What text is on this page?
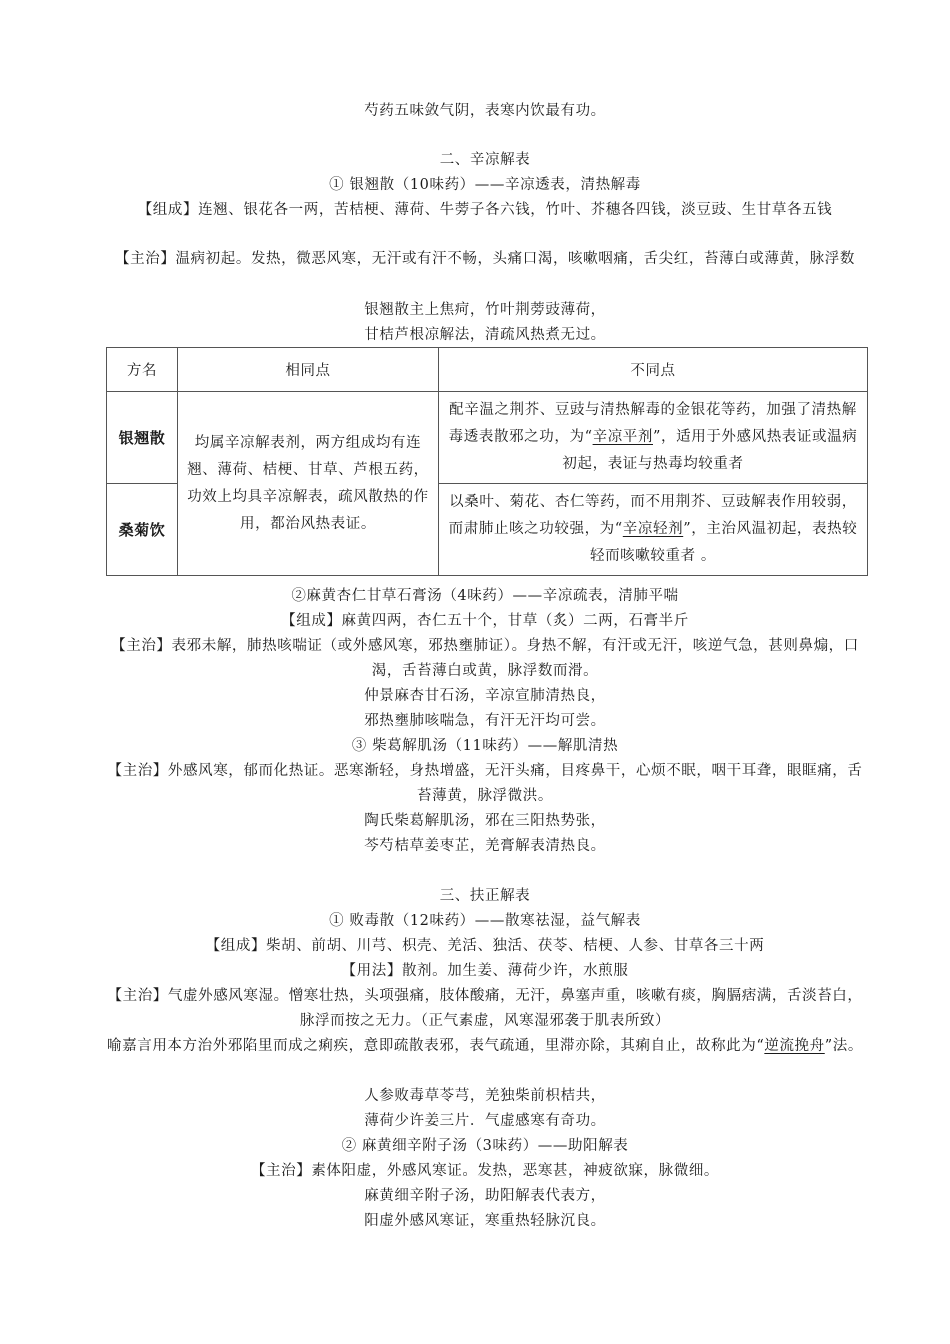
芍药五味敛气阴，表寒内饮最有功。
二、辛凉解表
① 银翘散（10味药）——辛凉透表，清热解毒
【组成】连翘、银花各一两，苦桔梗、薄荷、牛蒡子各六钱，竹叶、芥穗各四钱，淡豆豉、生甘草各五钱
【主治】温病初起。发热，微恶风寒，无汗或有汗不畅，头痛口渴，咳嗽咽痛，舌尖红，苔薄白或薄黄，脉浮数
银翘散主上焦疴，竹叶荆蒡豉薄荷，
甘桔芦根凉解法，清疏风热煮无过。
方名	相同点	不同点
银翘散	均属辛凉解表剂，两方组成均有连翘、薄荷、桔梗、甘草、芦根五药，功效上均具辛凉解表，疏风散热的作用，都治风热表证。	配辛温之荆芥、豆豉与清热解毒的金银花等药，加强了清热解毒透表散邪之功，为“辛凉平剂”，适用于外感风热表证或温病初起，表证与热毒均较重者
桑菊饮		以桑叶、菊花、杏仁等药，而不用荆芥、豆豉解表作用较弱，而肃肺止咳之功较强，为“辛凉轻剂”，主治风温初起，表热较轻而咳嗽较重者 。
②麻黄杏仁甘草石膏汤（4味药）——辛凉疏表，清肺平喘
【组成】麻黄四两，杏仁五十个，甘草（炙）二两，石膏半斤
【主治】表邪未解，肺热咳喘证（或外感风寒，邪热壅肺证）。身热不解，有汗或无汗，咳逆气急，甚则鼻煽，口渴，舌苔薄白或黄，脉浮数而滑。
仲景麻杏甘石汤，辛凉宣肺清热良，
邪热壅肺咳喘急，有汗无汗均可尝。
③ 柴葛解肌汤（11味药）——解肌清热
【主治】外感风寒，郁而化热证。恶寒渐轻，身热增盛，无汗头痛，目疼鼻干，心烦不眠，咽干耳聋，眼眶痛，舌苔薄黄，脉浮微洪。
陶氏柴葛解肌汤，邪在三阳热势张，
芩芍桔草姜枣芷，羌膏解表清热良。
三、扶正解表
① 败毒散（12味药）——散寒祛湿，益气解表
【组成】柴胡、前胡、川芎、枳壳、羌活、独活、茯苓、桔梗、人参、甘草各三十两
【用法】散剂。加生姜、薄荷少许，水煎服
【主治】气虚外感风寒湿。憎寒壮热，头项强痛，肢体酸痛，无汗，鼻塞声重，咳嗽有痰，胸膈痞满，舌淡苔白，脉浮而按之无力。（正气素虚，风寒湿邪袭于肌表所致）
喻嘉言用本方治外邪陷里而成之痢疾，意即疏散表邪，表气疏通，里滞亦除，其痢自止，故称此为“逆流挽舟”法。
人参败毒草苓芎，羌独柴前枳桔共，
薄荷少许姜三片．气虚感寒有奇功。
② 麻黄细辛附子汤（3味药）——助阳解表
【主治】素体阳虚，外感风寒证。发热，恶寒甚，神疲欲寐，脉微细。
麻黄细辛附子汤，助阳解表代表方，
阳虚外感风寒证，寒重热轻脉沉良。
